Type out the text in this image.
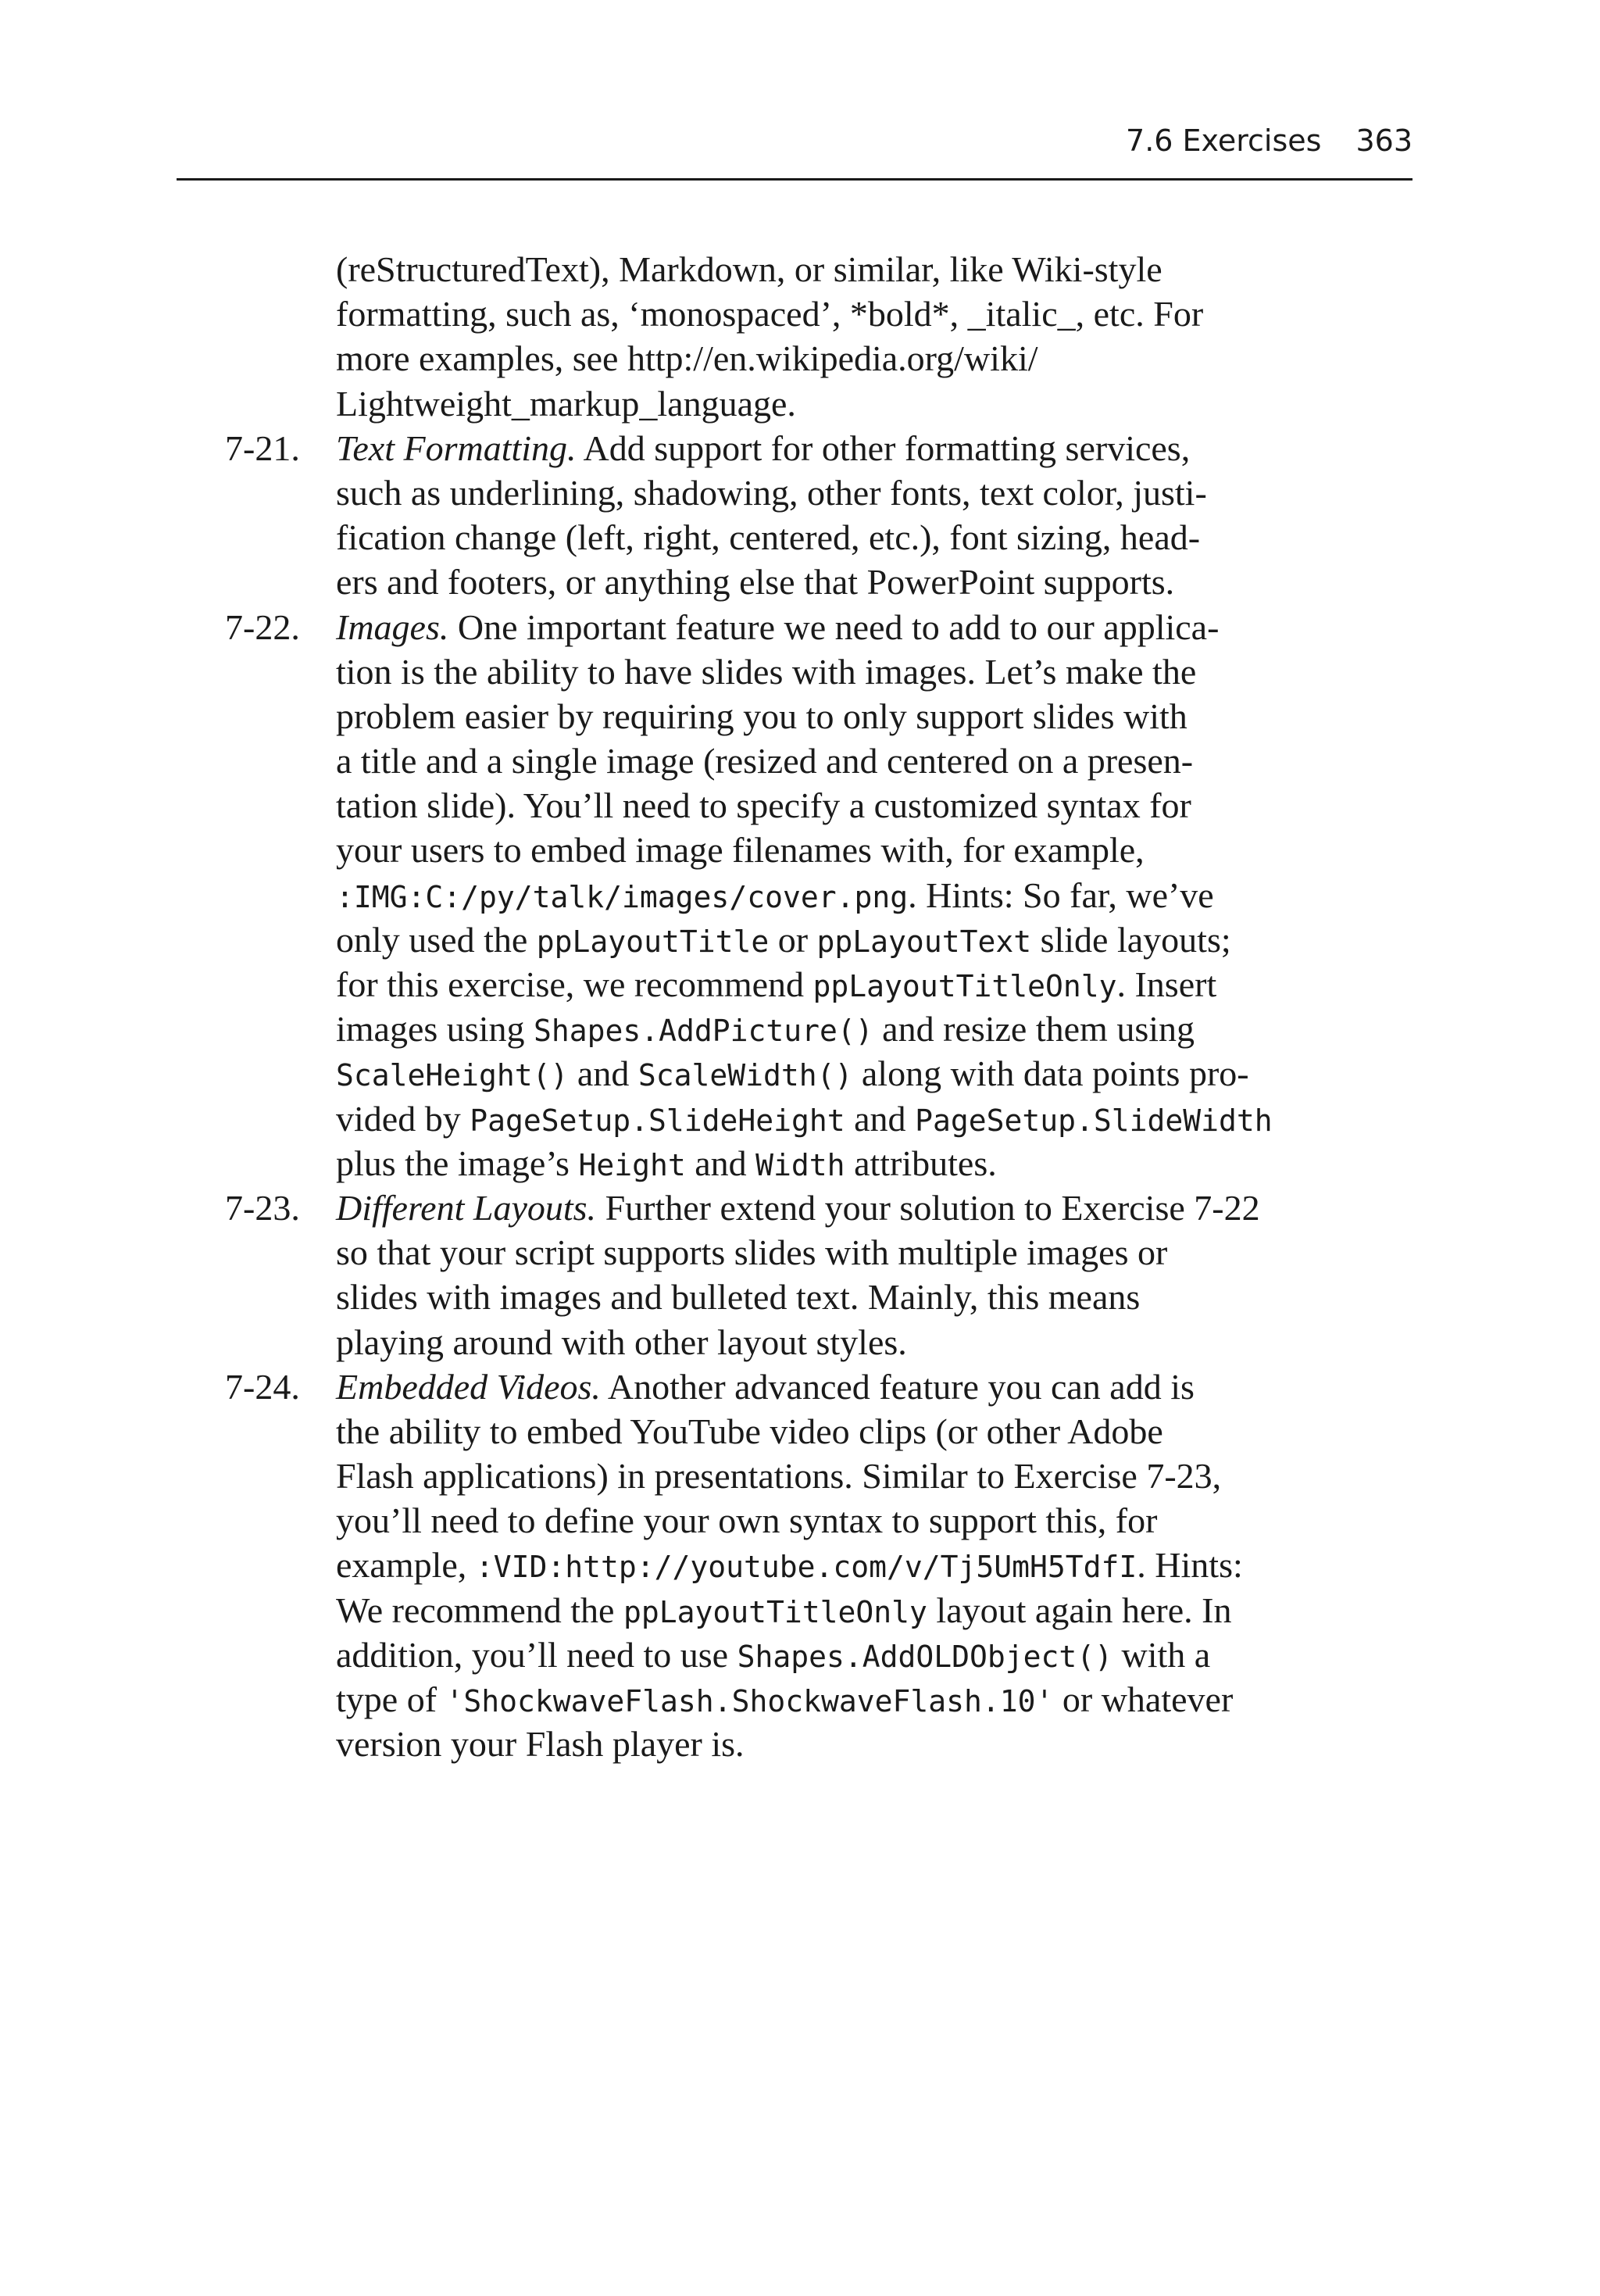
7.6 Exercises 363
(reStructuredText), Markdown, or similar, like Wiki-style
formatting, such as, ‘monospaced’, *bold*, _italic_, etc. For
more examples, see http://en.wikipedia.org/wiki/
Lightweight_markup_language.
7-21. Text Formatting. Add support for other formatting services,
such as underlining, shadowing, other fonts, text color, justi-
fication change (left, right, centered, etc.), font sizing, head-
ers and footers, or anything else that PowerPoint supports.
7-22. Images. One important feature we need to add to our applica-
tion is the ability to have slides with images. Let’s make the
problem easier by requiring you to only support slides with
a title and a single image (resized and centered on a presen-
tation slide). You’ll need to specify a customized syntax for
your users to embed image filenames with, for example,
:IMG:C:/py/talk/images/cover.png. Hints: So far, we’ve
only used the ppLayoutTitle or ppLayoutText slide layouts;
for this exercise, we recommend ppLayoutTitleOnly. Insert
images using Shapes.AddPicture() and resize them using
ScaleHeight() and ScaleWidth() along with data points pro-
vided by PageSetup.SlideHeight and PageSetup.SlideWidth
plus the image’s Height and Width attributes.
7-23. Different Layouts. Further extend your solution to Exercise 7-22
so that your script supports slides with multiple images or
slides with images and bulleted text. Mainly, this means
playing around with other layout styles.
7-24. Embedded Videos. Another advanced feature you can add is
the ability to embed YouTube video clips (or other Adobe
Flash applications) in presentations. Similar to Exercise 7-23,
you’ll need to define your own syntax to support this, for
example, :VID:http://youtube.com/v/Tj5UmH5TdfI. Hints:
We recommend the ppLayoutTitleOnly layout again here. In
addition, you’ll need to use Shapes.AddOLDObject() with a
type of 'ShockwaveFlash.ShockwaveFlash.10' or whatever
version your Flash player is.
